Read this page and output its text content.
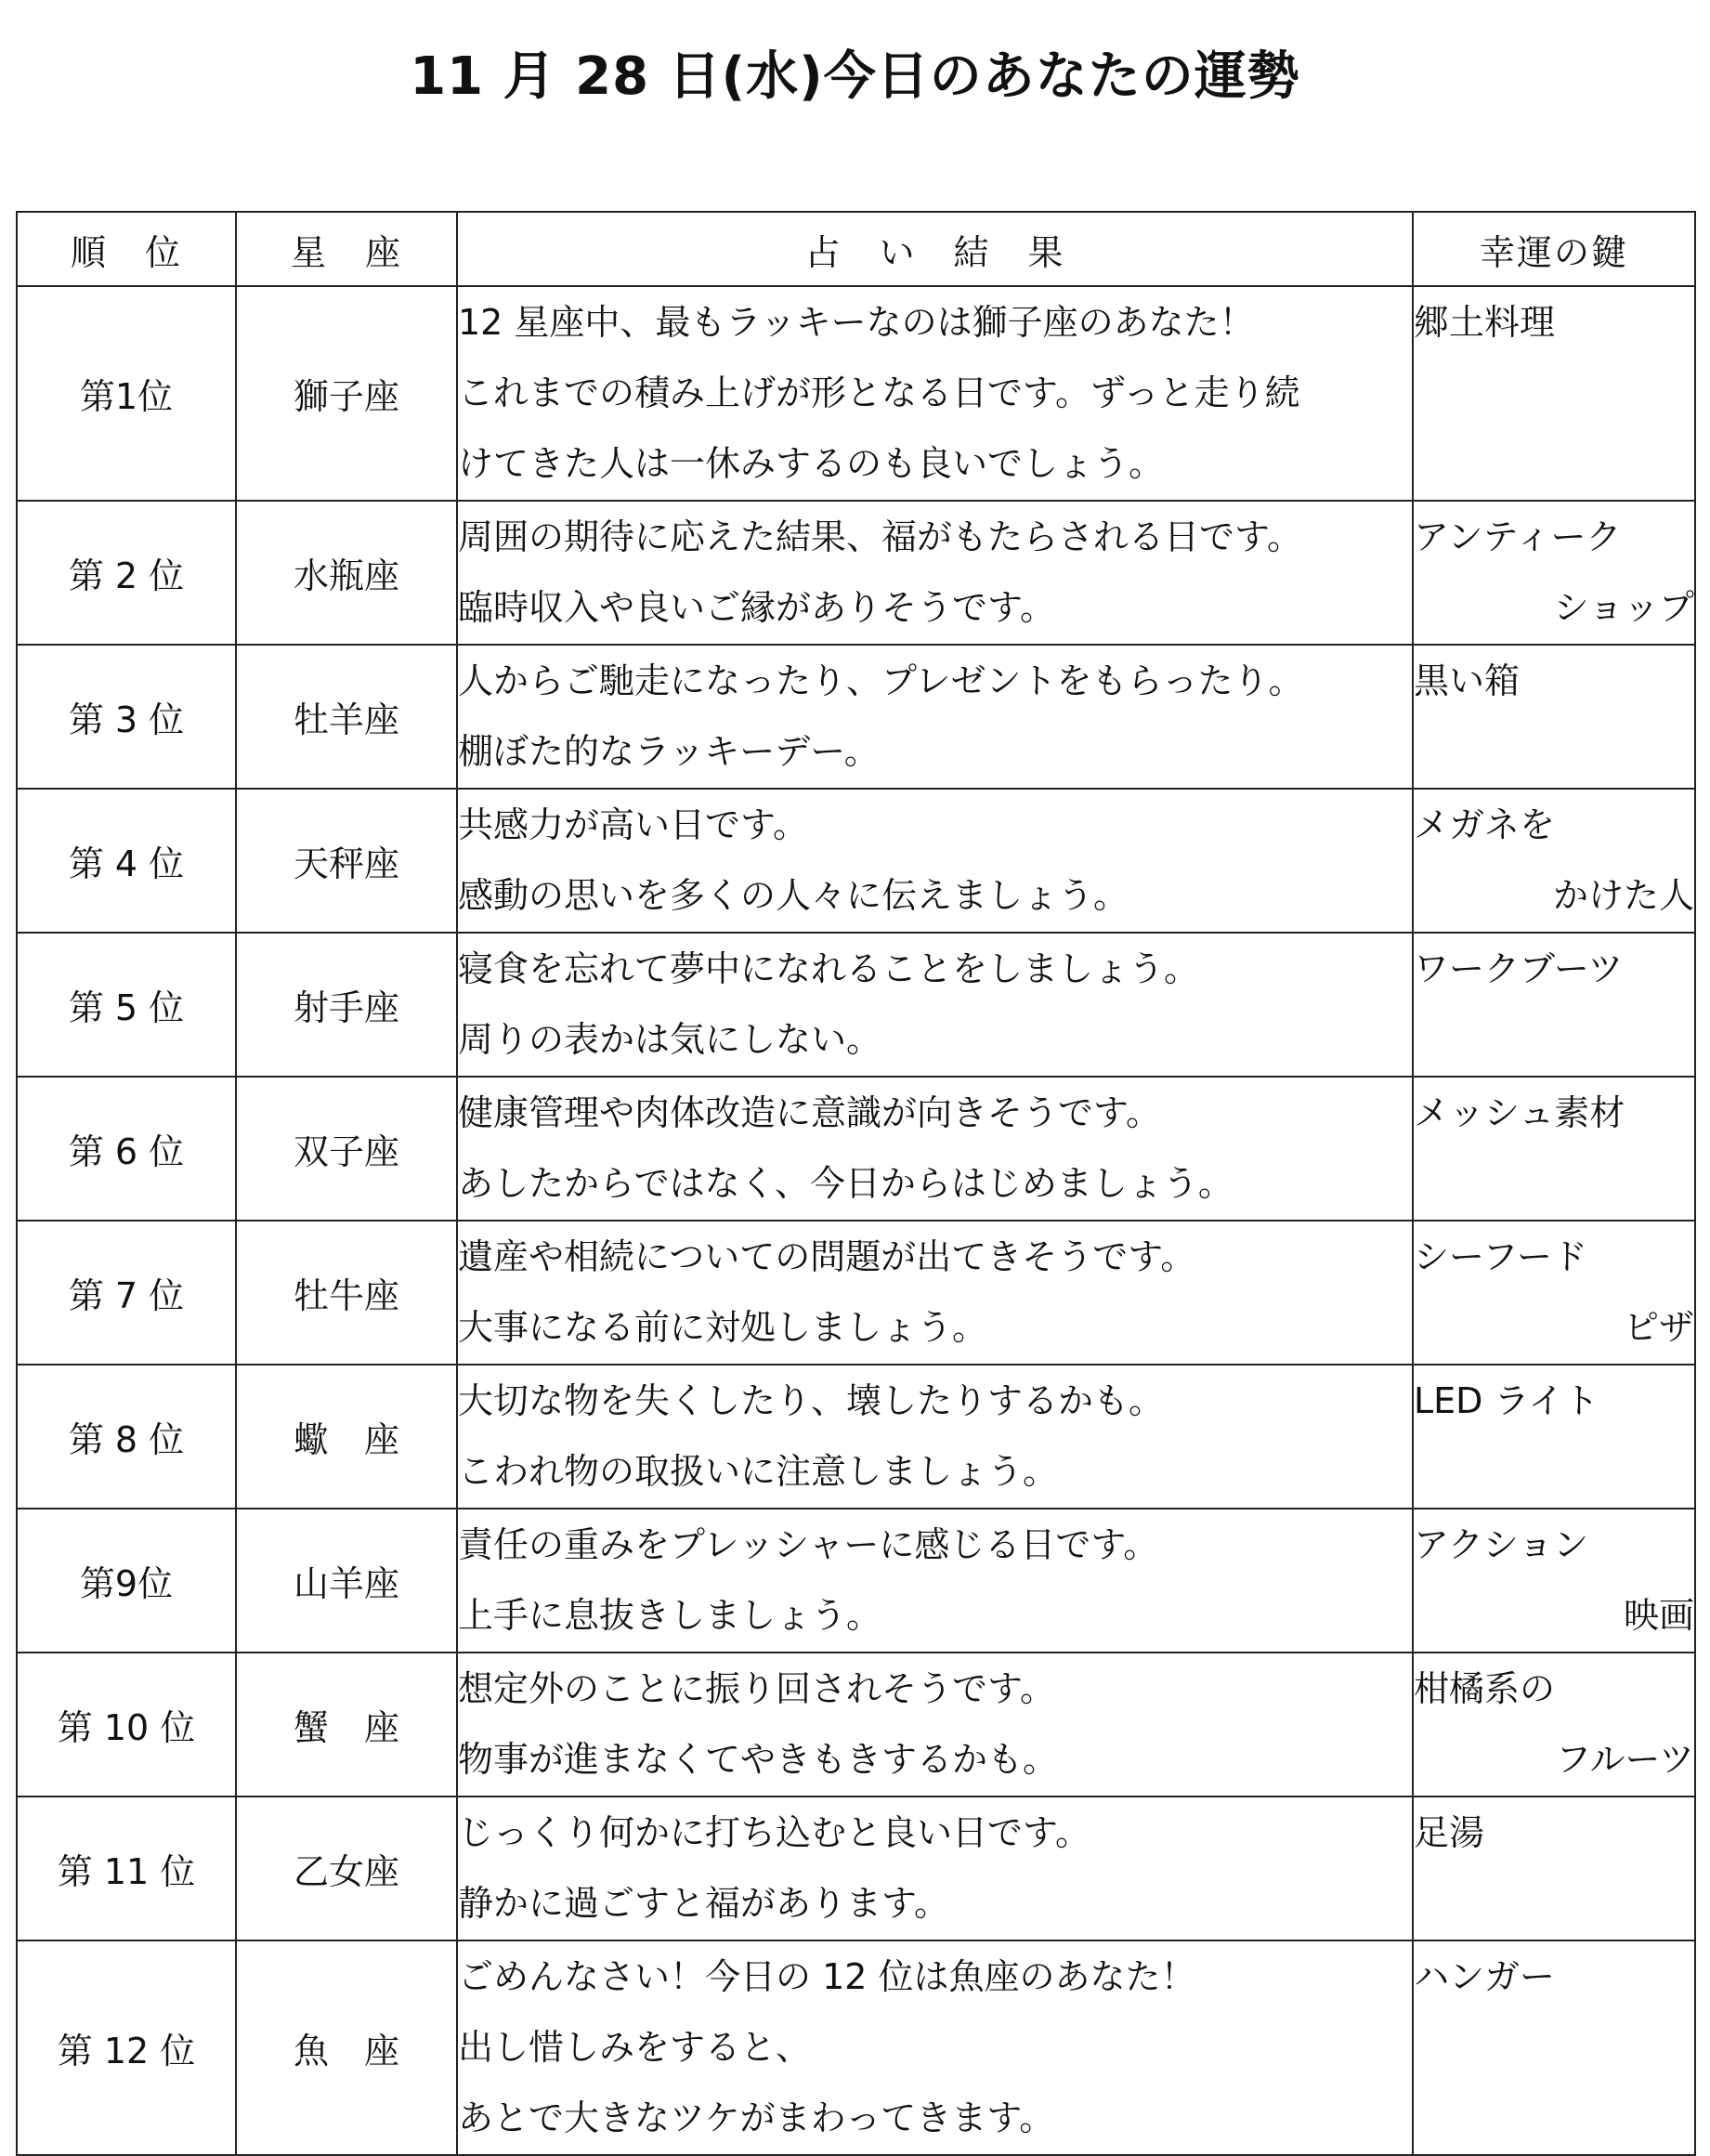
11 月 28 日(水)今日のあなたの運勢
順　位	星　座	占　い　結　果	幸運の鍵
第1位	獅子座	12 星座中、最もラッキーなのは獅子座のあなた！
これまでの積み上げが形となる日です。ずっと走り続
けてきた人は一休みするのも良いでしょう。	郷土料理

第 2 位	水瓶座	周囲の期待に応えた結果、福がもたらされる日です。
臨時収入や良いご縁がありそうです。	アンティーク
ショップ

第 3 位	牡羊座	人からご馳走になったり、プレゼントをもらったり。
棚ぼた的なラッキーデー。	黒い箱

第 4 位	天秤座	共感力が高い日です。
感動の思いを多くの人々に伝えましょう。	メガネを
かけた人

第 5 位	射手座	寝食を忘れて夢中になれることをしましょう。
周りの表かは気にしない。	ワークブーツ

第 6 位	双子座	健康管理や肉体改造に意識が向きそうです。
あしたからではなく、今日からはじめましょう。	メッシュ素材

第 7 位	牡牛座	遺産や相続についての問題が出てきそうです。
大事になる前に対処しましょう。	シーフード
ピザ

第 8 位	蠍　座	大切な物を失くしたり、壊したりするかも。
こわれ物の取扱いに注意しましょう。	LED ライト

第9位	山羊座	責任の重みをプレッシャーに感じる日です。
上手に息抜きしましょう。	アクション
映画

第 10 位	蟹　座	想定外のことに振り回されそうです。
物事が進まなくてやきもきするかも。	柑橘系の
フルーツ

第 11 位	乙女座	じっくり何かに打ち込むと良い日です。
静かに過ごすと福があります。	足湯

第 12 位	魚　座	ごめんなさい！今日の 12 位は魚座のあなた！
出し惜しみをすると、
あとで大きなツケがまわってきます。	ハンガー
